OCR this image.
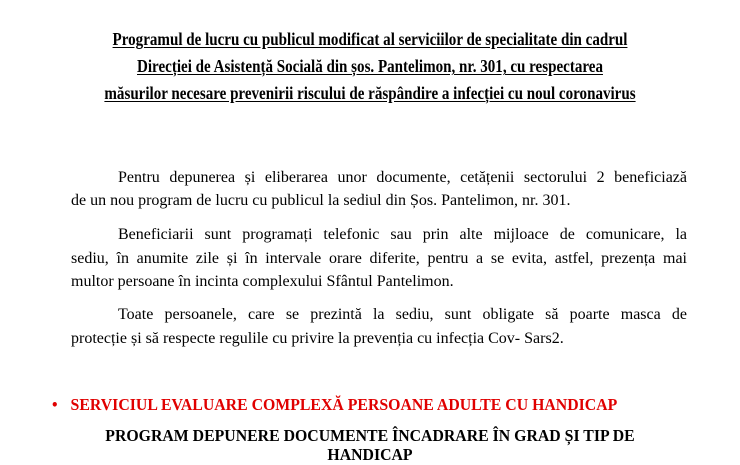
Programul de lucru cu publicul modificat al serviciilor de specialitate din cadrul
Direcției de Asistență Socială din șos. Pantelimon, nr. 301, cu respectarea
măsurilor necesare prevenirii riscului de răspândire a infecției cu noul coronavirus
Pentru depunerea și eliberarea unor documente, cetățenii sectorului 2 beneficiază
de un nou program de lucru cu publicul la sediul din Șos. Pantelimon, nr. 301.
Beneficiarii sunt programați telefonic sau prin alte mijloace de comunicare, la
sediu, în anumite zile și în intervale orare diferite, pentru a se evita, astfel, prezența mai
multor persoane în incinta complexului Sfântul Pantelimon.
Toate persoanele, care se prezintă la sediu, sunt obligate să poarte masca de
protecție și să respecte regulile cu privire la prevenția cu infecția Cov- Sars2.
• SERVICIUL EVALUARE COMPLEXĂ PERSOANE ADULTE CU HANDICAP
PROGRAM DEPUNERE DOCUMENTE ÎNCADRARE ÎN GRAD ȘI TIP DE
HANDICAP
